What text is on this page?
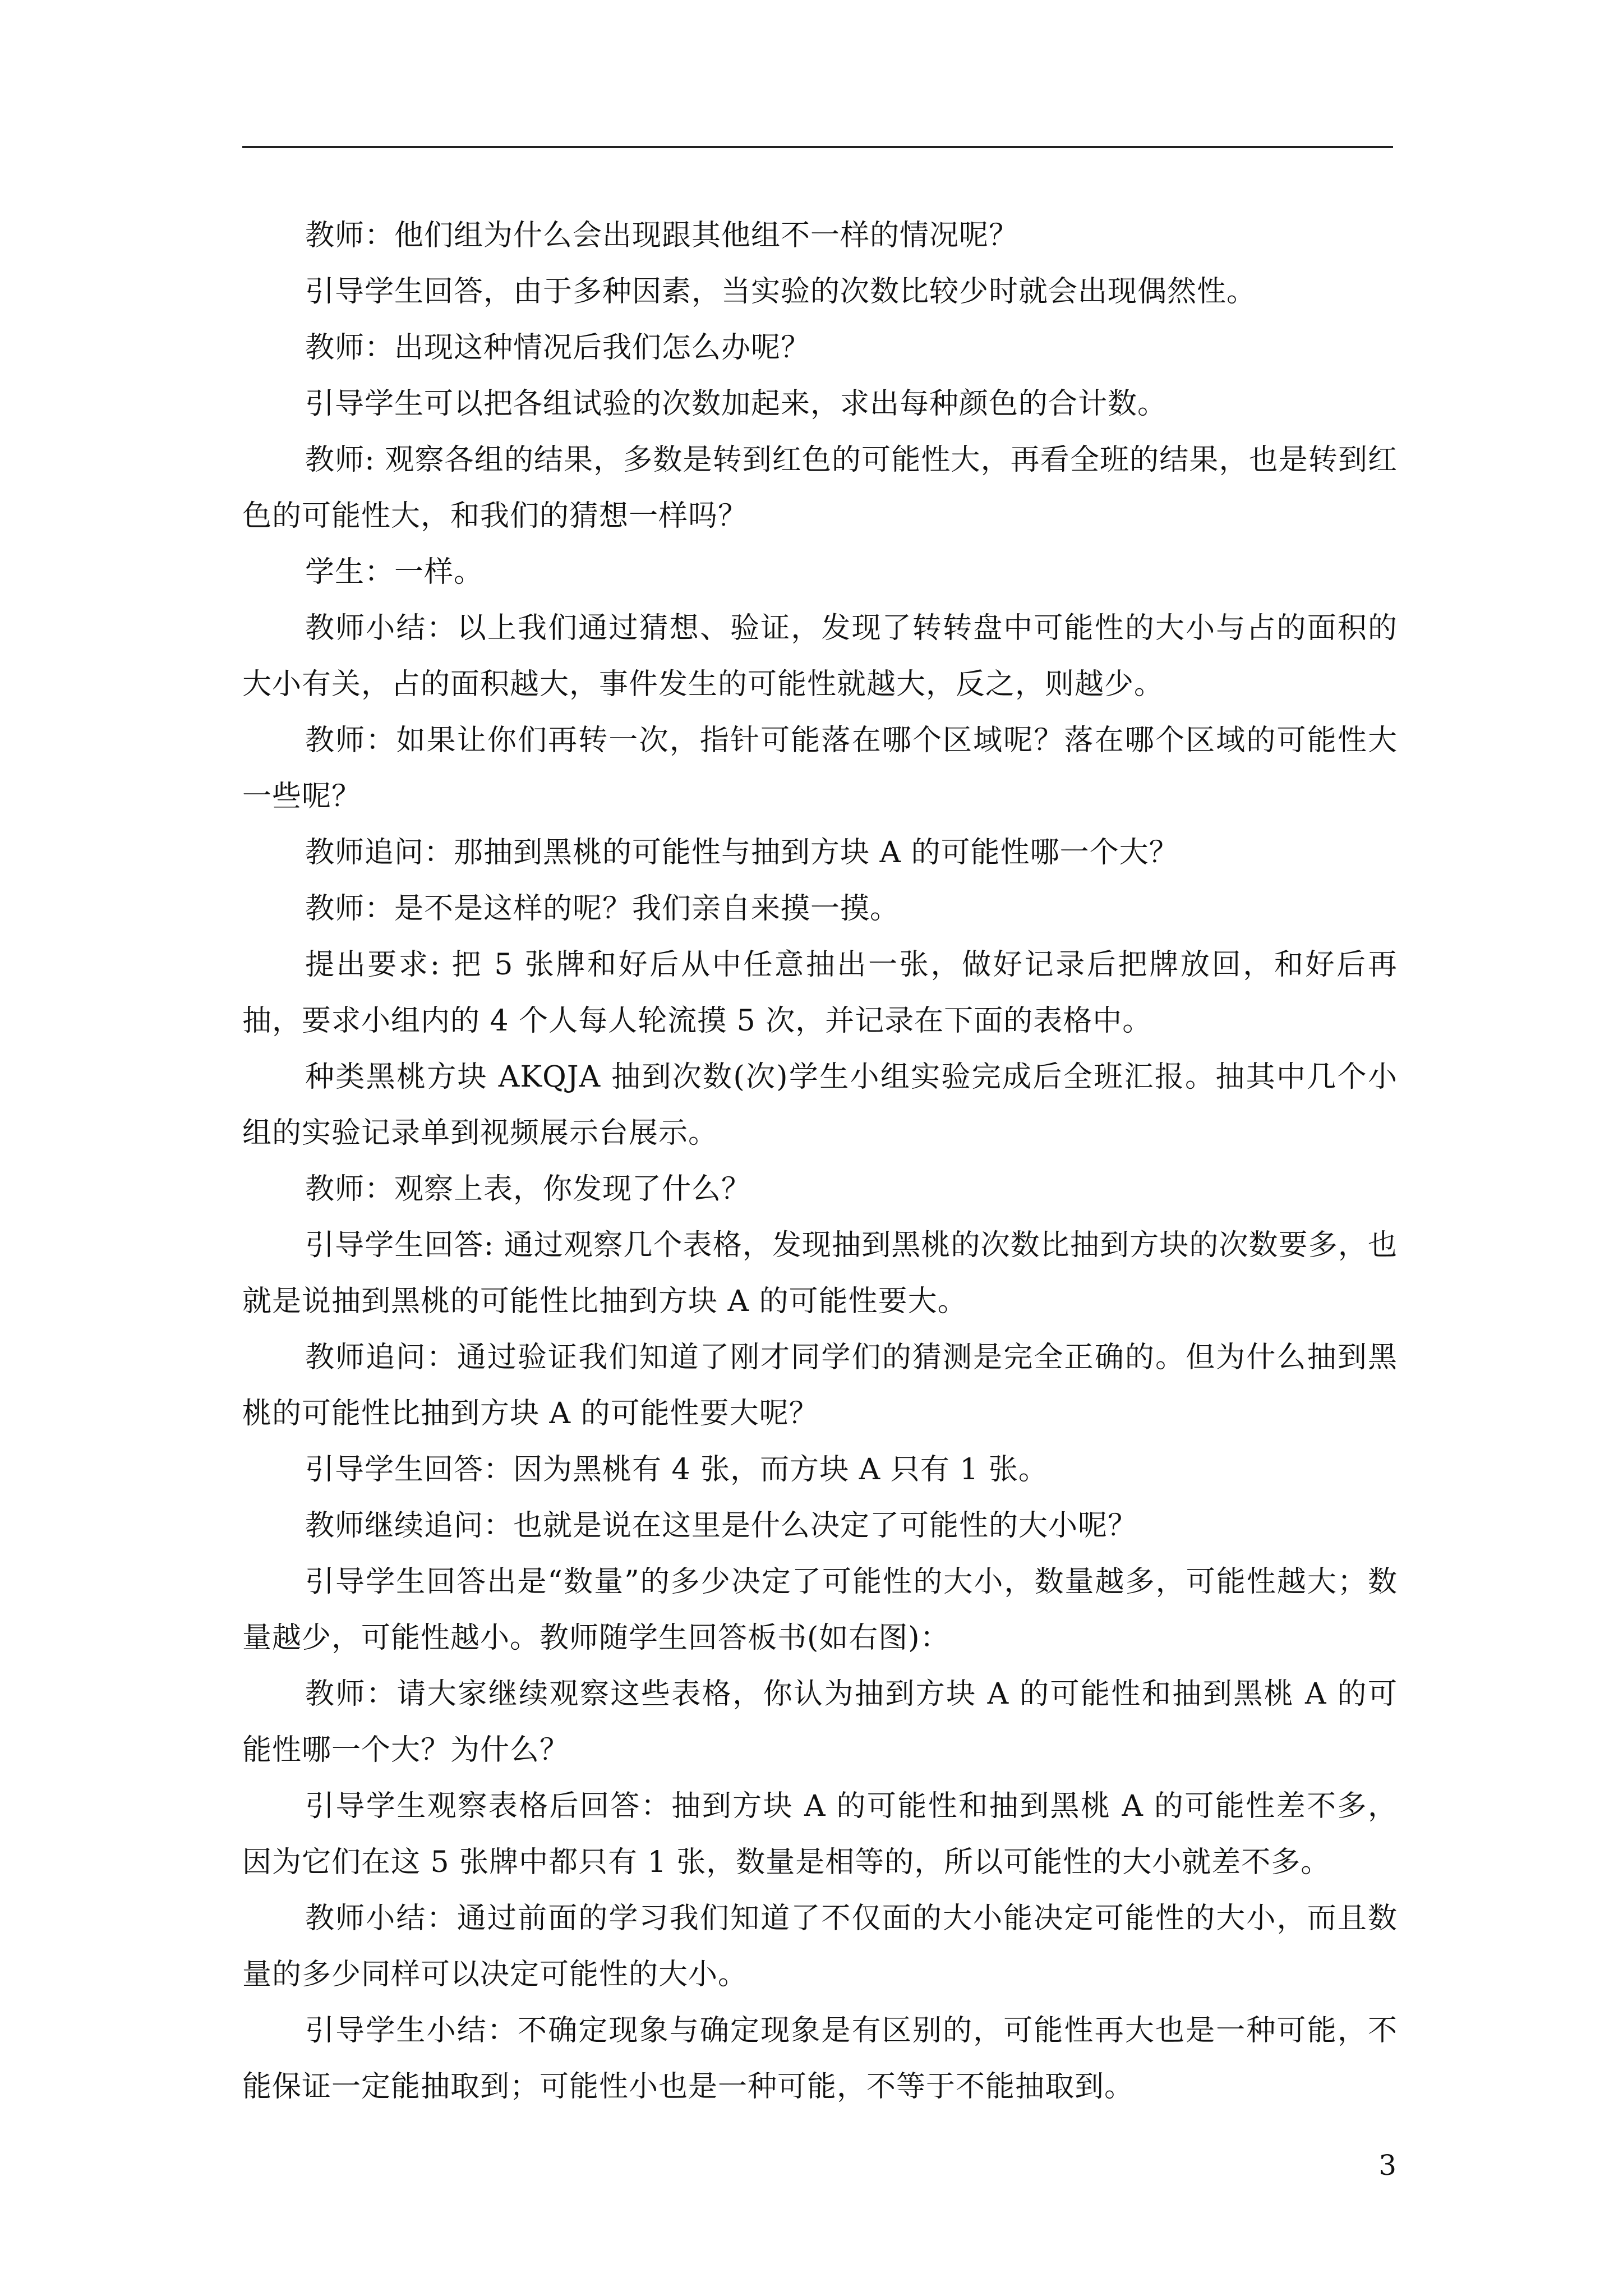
教师：他们组为什么会出现跟其他组不一样的情况呢？

引导学生回答，由于多种因素，当实验的次数比较少时就会出现偶然性。

教师：出现这种情况后我们怎么办呢？

引导学生可以把各组试验的次数加起来，求出每种颜色的合计数。

教师: 观察各组的结果，多数是转到红色的可能性大，再看全班的结果，也是转到红色的可能性大，和我们的猜想一样吗？

学生：一样。

教师小结：以上我们通过猜想、验证，发现了转转盘中可能性的大小与占的面积的大小有关，占的面积越大，事件发生的可能性就越大，反之，则越少。

教师：如果让你们再转一次，指针可能落在哪个区域呢？落在哪个区域的可能性大一些呢？

教师追问：那抽到黑桃的可能性与抽到方块 A 的可能性哪一个大？

教师：是不是这样的呢？我们亲自来摸一摸。

提出要求: 把 5 张牌和好后从中任意抽出一张，做好记录后把牌放回，和好后再抽，要求小组内的 4 个人每人轮流摸 5 次，并记录在下面的表格中。

种类黑桃方块 AKQJA 抽到次数(次)学生小组实验完成后全班汇报。抽其中几个小组的实验记录单到视频展示台展示。

教师：观察上表，你发现了什么？

引导学生回答: 通过观察几个表格，发现抽到黑桃的次数比抽到方块的次数要多，也就是说抽到黑桃的可能性比抽到方块 A 的可能性要大。

教师追问：通过验证我们知道了刚才同学们的猜测是完全正确的。但为什么抽到黑桃的可能性比抽到方块 A 的可能性要大呢？

引导学生回答：因为黑桃有 4 张，而方块 A 只有 1 张。

教师继续追问：也就是说在这里是什么决定了可能性的大小呢？

引导学生回答出是“数量”的多少决定了可能性的大小，数量越多，可能性越大；数量越少，可能性越小。教师随学生回答板书(如右图)：

教师：请大家继续观察这些表格，你认为抽到方块 A 的可能性和抽到黑桃 A 的可能性哪一个大？为什么？

引导学生观察表格后回答：抽到方块 A 的可能性和抽到黑桃 A 的可能性差不多，因为它们在这 5 张牌中都只有 1 张，数量是相等的，所以可能性的大小就差不多。

教师小结：通过前面的学习我们知道了不仅面的大小能决定可能性的大小，而且数量的多少同样可以决定可能性的大小。

引导学生小结：不确定现象与确定现象是有区别的，可能性再大也是一种可能，不能保证一定能抽取到；可能性小也是一种可能，不等于不能抽取到。

3
